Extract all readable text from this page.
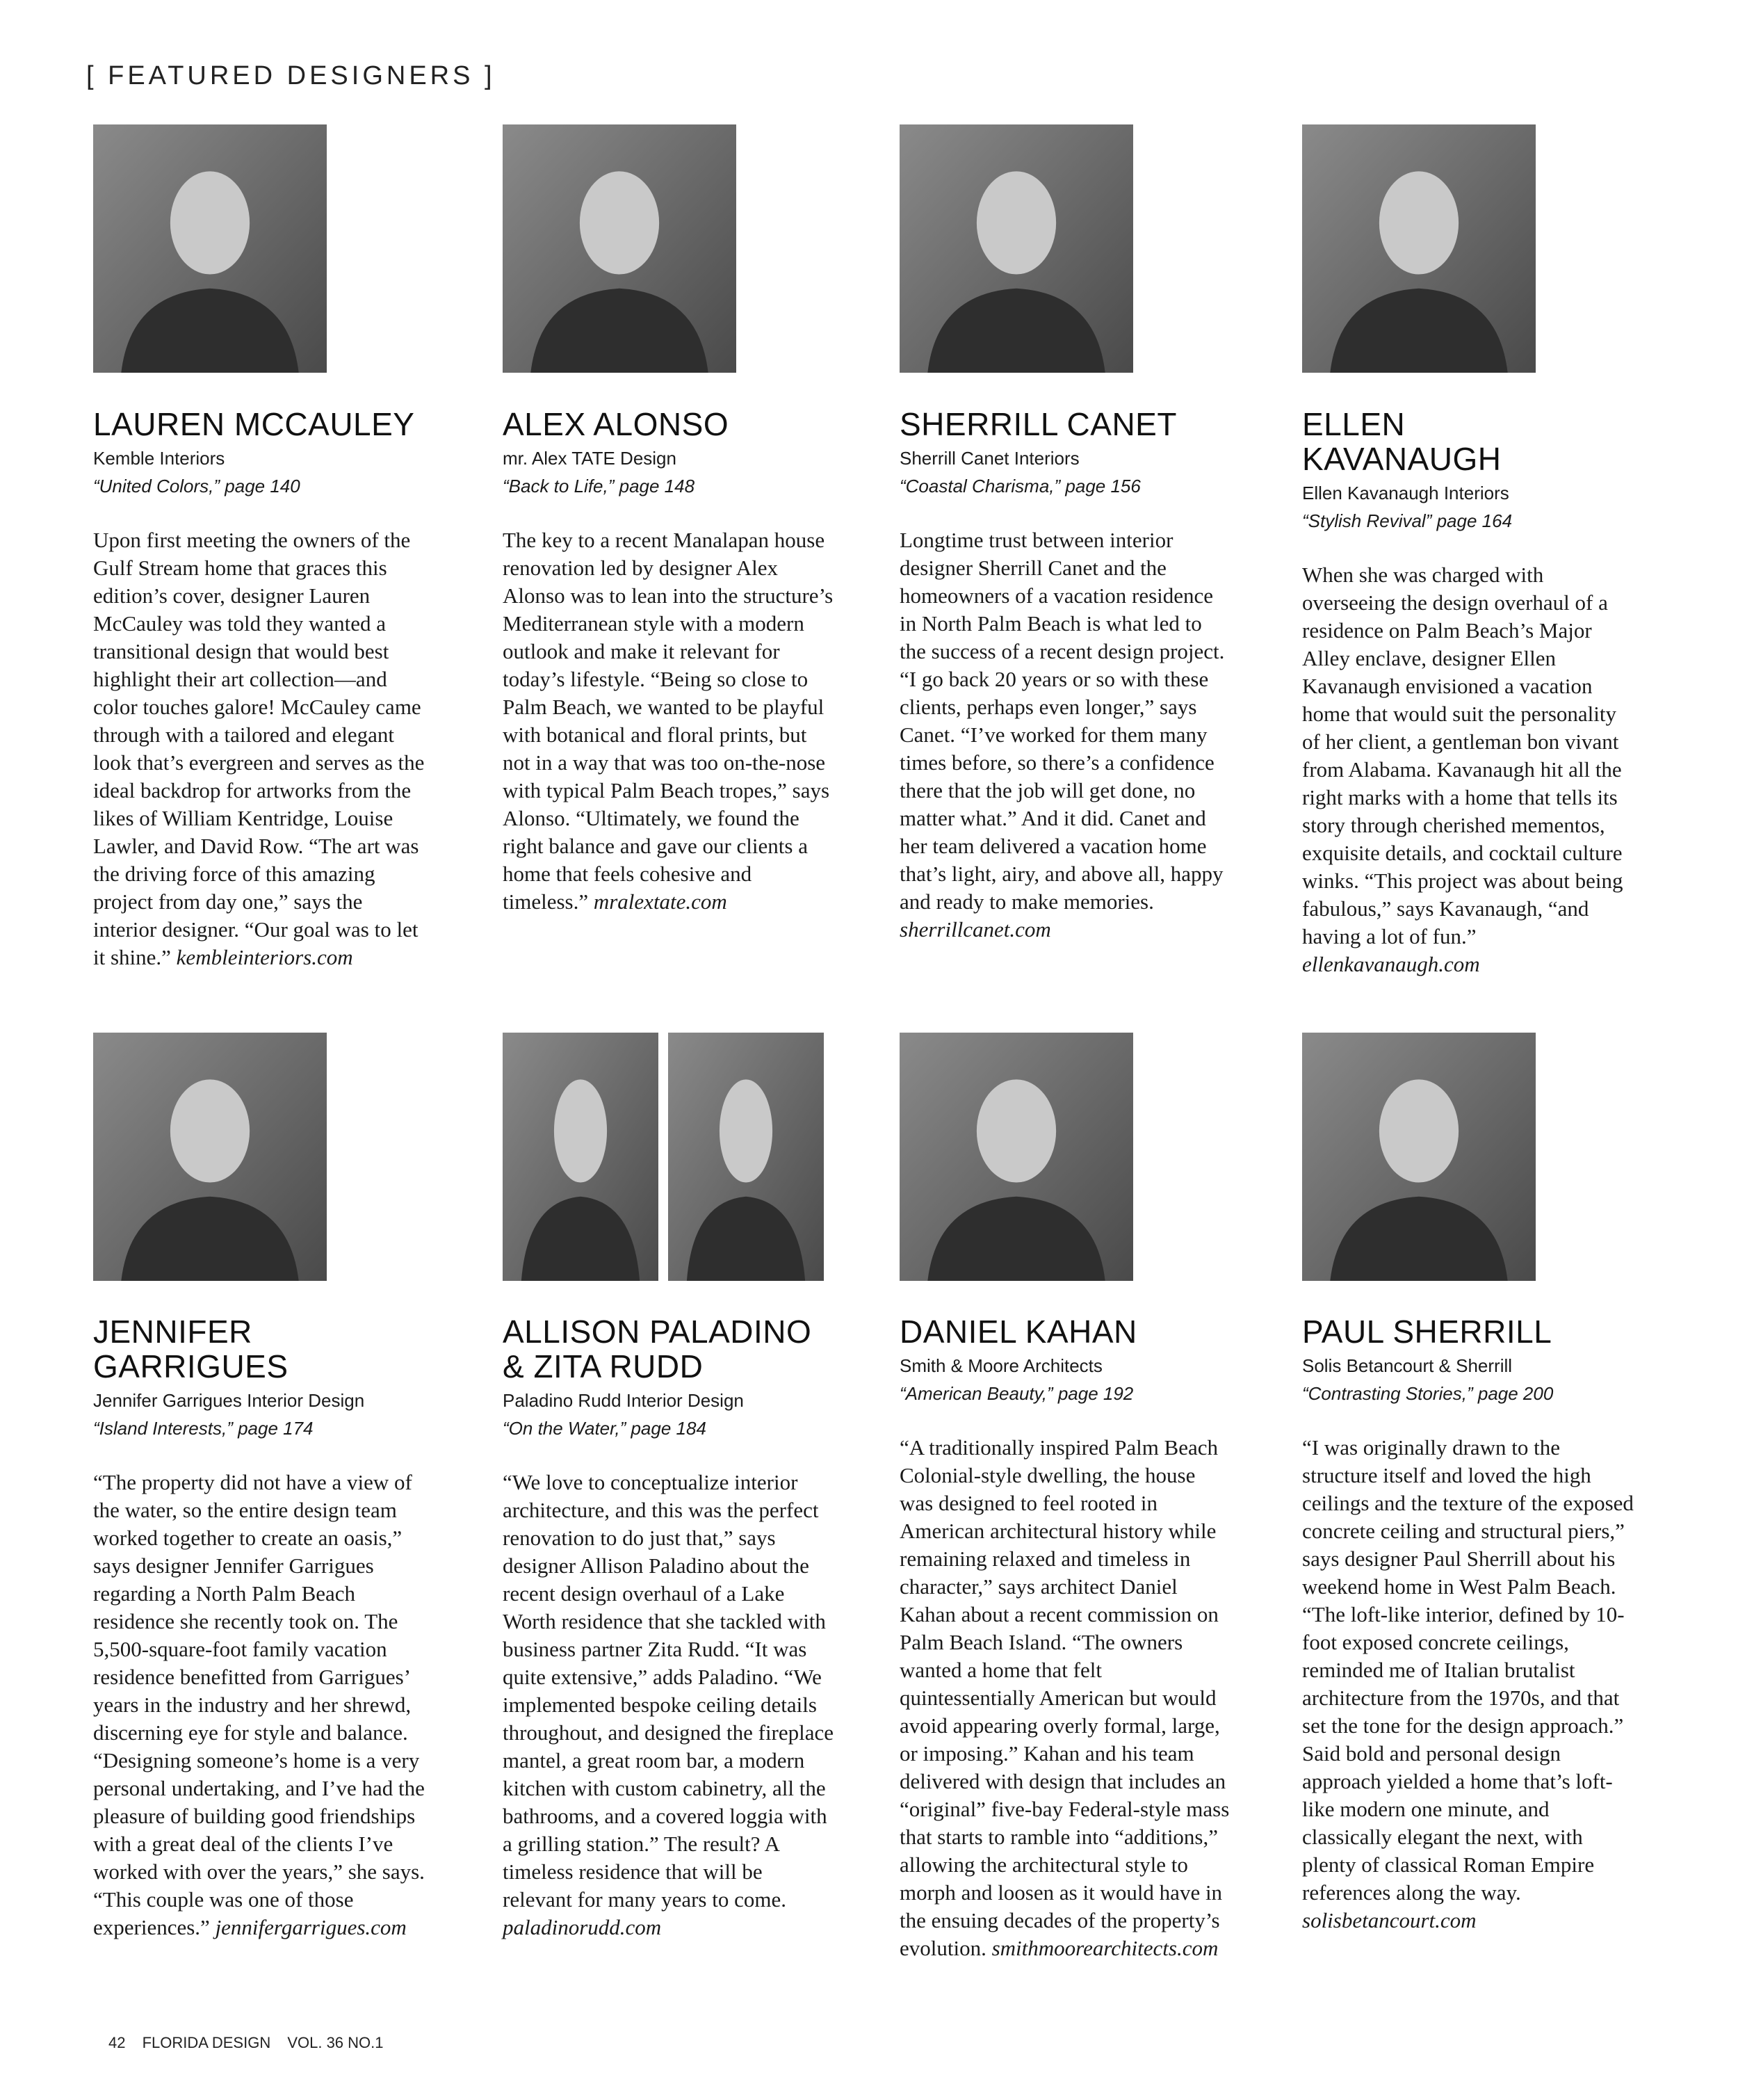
[ FEATURED DESIGNERS ]
LAUREN MCCAULEY
Kemble Interiors
“United Colors,” page 140
Upon first meeting the owners of the Gulf Stream home that graces this edition’s cover, designer Lauren McCauley was told they wanted a transitional design that would best highlight their art collection—and color touches galore! McCauley came through with a tailored and elegant look that’s evergreen and serves as the ideal backdrop for artworks from the likes of William Kentridge, Louise Lawler, and David Row. “The art was the driving force of this amazing project from day one,” says the interior designer. “Our goal was to let it shine.” kembleinteriors.com
ALEX ALONSO
mr. Alex TATE Design
“Back to Life,” page 148
The key to a recent Manalapan house renovation led by designer Alex Alonso was to lean into the structure’s Mediterranean style with a modern outlook and make it relevant for today’s lifestyle. “Being so close to Palm Beach, we wanted to be playful with botanical and floral prints, but not in a way that was too on-the-nose with typical Palm Beach tropes,” says Alonso. “Ultimately, we found the right balance and gave our clients a home that feels cohesive and timeless.” mralextate.com
SHERRILL CANET
Sherrill Canet Interiors
“Coastal Charisma,” page 156
Longtime trust between interior designer Sherrill Canet and the homeowners of a vacation residence in North Palm Beach is what led to the success of a recent design project. “I go back 20 years or so with these clients, perhaps even longer,” says Canet. “I’ve worked for them many times before, so there’s a confidence there that the job will get done, no matter what.” And it did. Canet and her team delivered a vacation home that’s light, airy, and above all, happy and ready to make memories. sherrillcanet.com
ELLEN KAVANAUGH
Ellen Kavanaugh Interiors
“Stylish Revival” page 164
When she was charged with overseeing the design overhaul of a residence on Palm Beach’s Major Alley enclave, designer Ellen Kavanaugh envisioned a vacation home that would suit the personality of her client, a gentleman bon vivant from Alabama. Kavanaugh hit all the right marks with a home that tells its story through cherished mementos, exquisite details, and cocktail culture winks. “This project was about being fabulous,” says Kavanaugh, “and having a lot of fun.” ellenkavanaugh.com
JENNIFER GARRIGUES
Jennifer Garrigues Interior Design
“Island Interests,” page 174
“The property did not have a view of the water, so the entire design team worked together to create an oasis,” says designer Jennifer Garrigues regarding a North Palm Beach residence she recently took on. The 5,500-square-foot family vacation residence benefitted from Garrigues’ years in the industry and her shrewd, discerning eye for style and balance. “Designing someone’s home is a very personal undertaking, and I’ve had the pleasure of building good friendships with a great deal of the clients I’ve worked with over the years,” she says. “This couple was one of those experiences.” jennifergarrigues.com
ALLISON PALADINO & ZITA RUDD
Paladino Rudd Interior Design
“On the Water,” page 184
“We love to conceptualize interior architecture, and this was the perfect renovation to do just that,” says designer Allison Paladino about the recent design overhaul of a Lake Worth residence that she tackled with business partner Zita Rudd. “It was quite extensive,” adds Paladino. “We implemented bespoke ceiling details throughout, and designed the fireplace mantel, a great room bar, a modern kitchen with custom cabinetry, all the bathrooms, and a covered loggia with a grilling station.” The result? A timeless residence that will be relevant for many years to come. paladinorudd.com
DANIEL KAHAN
Smith & Moore Architects
“American Beauty,” page 192
“A traditionally inspired Palm Beach Colonial-style dwelling, the house was designed to feel rooted in American architectural history while remaining relaxed and timeless in character,” says architect Daniel Kahan about a recent commission on Palm Beach Island. “The owners wanted a home that felt quintessentially American but would avoid appearing overly formal, large, or imposing.” Kahan and his team delivered with design that includes an “original” five-bay Federal-style mass that starts to ramble into “additions,” allowing the architectural style to morph and loosen as it would have in the ensuing decades of the property’s evolution. smithmoorearchitects.com
PAUL SHERRILL
Solis Betancourt & Sherrill
“Contrasting Stories,” page 200
“I was originally drawn to the structure itself and loved the high ceilings and the texture of the exposed concrete ceiling and structural piers,” says designer Paul Sherrill about his weekend home in West Palm Beach. “The loft-like interior, defined by 10-foot exposed concrete ceilings, reminded me of Italian brutalist architecture from the 1970s, and that set the tone for the design approach.” Said bold and personal design approach yielded a home that’s loft-like modern one minute, and classically elegant the next, with plenty of classical Roman Empire references along the way. solisbetancourt.com
42 FLORIDA DESIGN VOL. 36 NO.1
